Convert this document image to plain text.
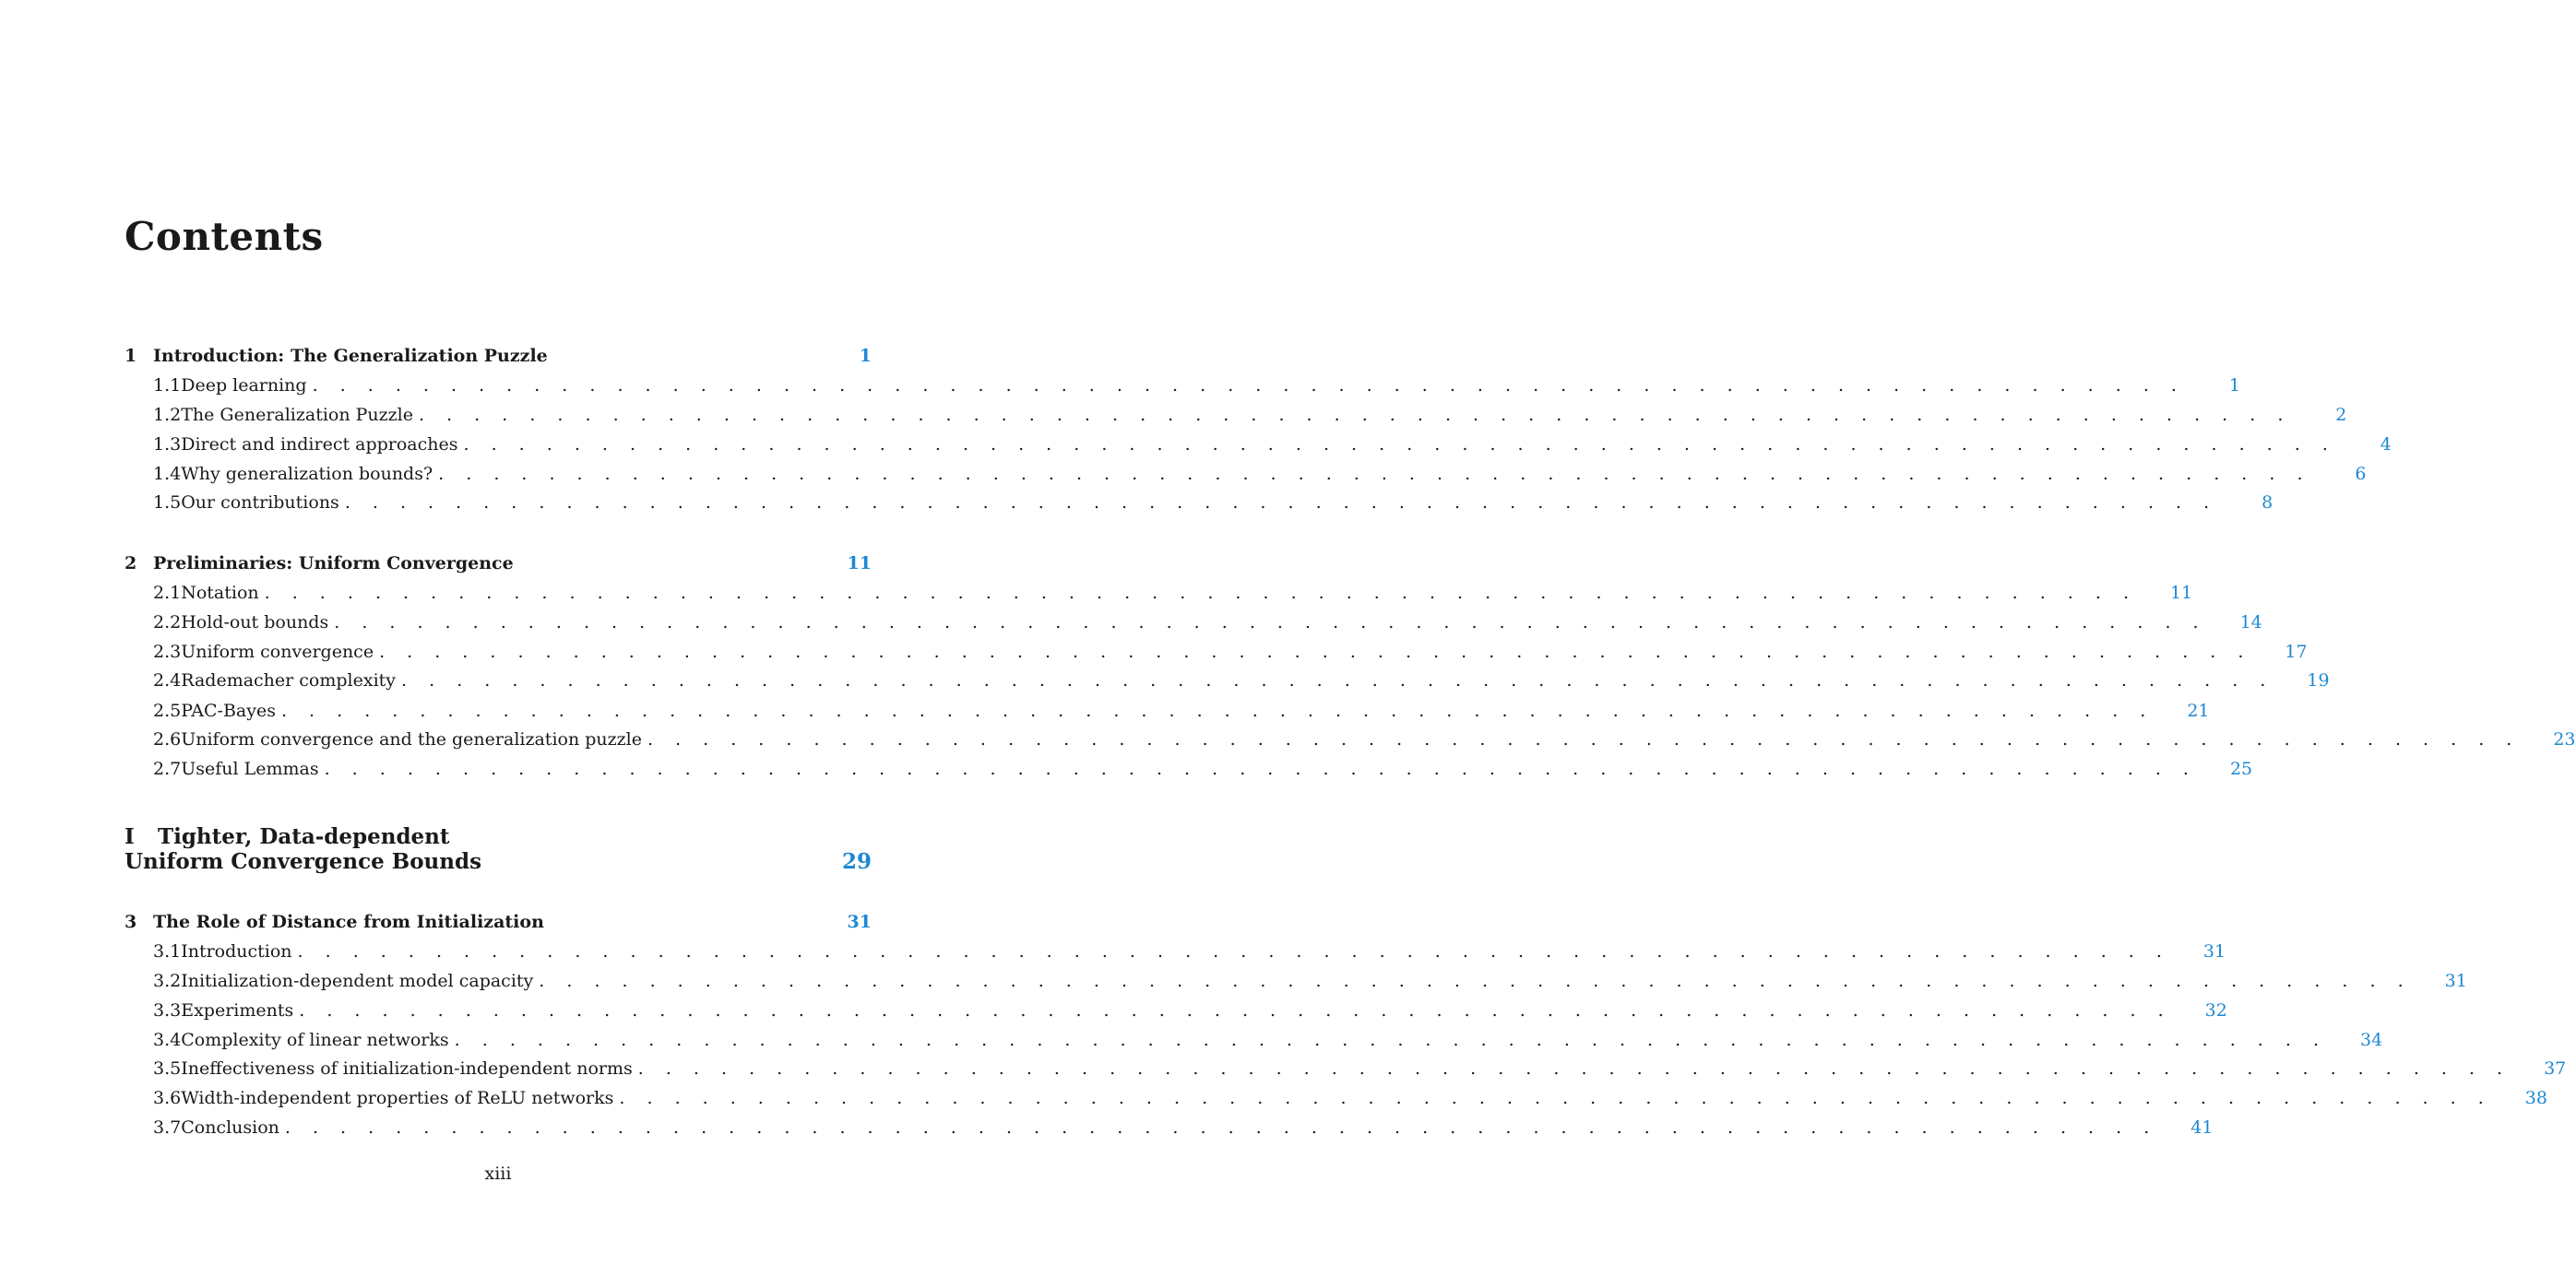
Contents
1 Introduction: The Generalization Puzzle	1
1.1 Deep learning . . . . . . . . . . . . . . . . . . . . . . . . . . . . . . . . . . . . . . . . . . . . . . . . . . . . . . . . . . . . . . . . . . . .	1
1.2 The Generalization Puzzle . . . . . . . . . . . . . . . . . . . . . . . . . . . . . . . . . . . . . . . . . . . . . . . . . . . . . . . . . . . . . . . . . . . .	2
1.3 Direct and indirect approaches . . . . . . . . . . . . . . . . . . . . . . . . . . . . . . . . . . . . . . . . . . . . . . . . . . . . . . . . . . . . . . . . . . . .	4
1.4 Why generalization bounds? . . . . . . . . . . . . . . . . . . . . . . . . . . . . . . . . . . . . . . . . . . . . . . . . . . . . . . . . . . . . . . . . . . . .	6
1.5 Our contributions . . . . . . . . . . . . . . . . . . . . . . . . . . . . . . . . . . . . . . . . . . . . . . . . . . . . . . . . . . . . . . . . . . . .	8
2 Preliminaries: Uniform Convergence	11
2.1 Notation . . . . . . . . . . . . . . . . . . . . . . . . . . . . . . . . . . . . . . . . . . . . . . . . . . . . . . . . . . . . . . . . . . . .	11
2.2 Hold-out bounds . . . . . . . . . . . . . . . . . . . . . . . . . . . . . . . . . . . . . . . . . . . . . . . . . . . . . . . . . . . . . . . . . . . .	14
2.3 Uniform convergence . . . . . . . . . . . . . . . . . . . . . . . . . . . . . . . . . . . . . . . . . . . . . . . . . . . . . . . . . . . . . . . . . . . .	17
2.4 Rademacher complexity . . . . . . . . . . . . . . . . . . . . . . . . . . . . . . . . . . . . . . . . . . . . . . . . . . . . . . . . . . . . . . . . . . . .	19
2.5 PAC-Bayes . . . . . . . . . . . . . . . . . . . . . . . . . . . . . . . . . . . . . . . . . . . . . . . . . . . . . . . . . . . . . . . . . . . .	21
2.6 Uniform convergence and the generalization puzzle . . . . . . . . . . . . . . . . . . . . . . . . . . . . . . . . . . . . . . . . . . . . . . . . . . . . . . . . . . . . . . . . . . . .	23
2.7 Useful Lemmas . . . . . . . . . . . . . . . . . . . . . . . . . . . . . . . . . . . . . . . . . . . . . . . . . . . . . . . . . . . . . . . . . . . .	25
I Tighter, Data-dependent
Uniform Convergence Bounds	29
3 The Role of Distance from Initialization	31
3.1 Introduction . . . . . . . . . . . . . . . . . . . . . . . . . . . . . . . . . . . . . . . . . . . . . . . . . . . . . . . . . . . . . . . . . . . .	31
3.2 Initialization-dependent model capacity . . . . . . . . . . . . . . . . . . . . . . . . . . . . . . . . . . . . . . . . . . . . . . . . . . . . . . . . . . . . . . . . . . . .	31
3.3 Experiments . . . . . . . . . . . . . . . . . . . . . . . . . . . . . . . . . . . . . . . . . . . . . . . . . . . . . . . . . . . . . . . . . . . .	32
3.4 Complexity of linear networks . . . . . . . . . . . . . . . . . . . . . . . . . . . . . . . . . . . . . . . . . . . . . . . . . . . . . . . . . . . . . . . . . . . .	34
3.5 Ineffectiveness of initialization-independent norms . . . . . . . . . . . . . . . . . . . . . . . . . . . . . . . . . . . . . . . . . . . . . . . . . . . . . . . . . . . . . . . . . . . .	37
3.6 Width-independent properties of ReLU networks . . . . . . . . . . . . . . . . . . . . . . . . . . . . . . . . . . . . . . . . . . . . . . . . . . . . . . . . . . . . . . . . . . . .	38
3.7 Conclusion . . . . . . . . . . . . . . . . . . . . . . . . . . . . . . . . . . . . . . . . . . . . . . . . . . . . . . . . . . . . . . . . . . . .	41
xiii
